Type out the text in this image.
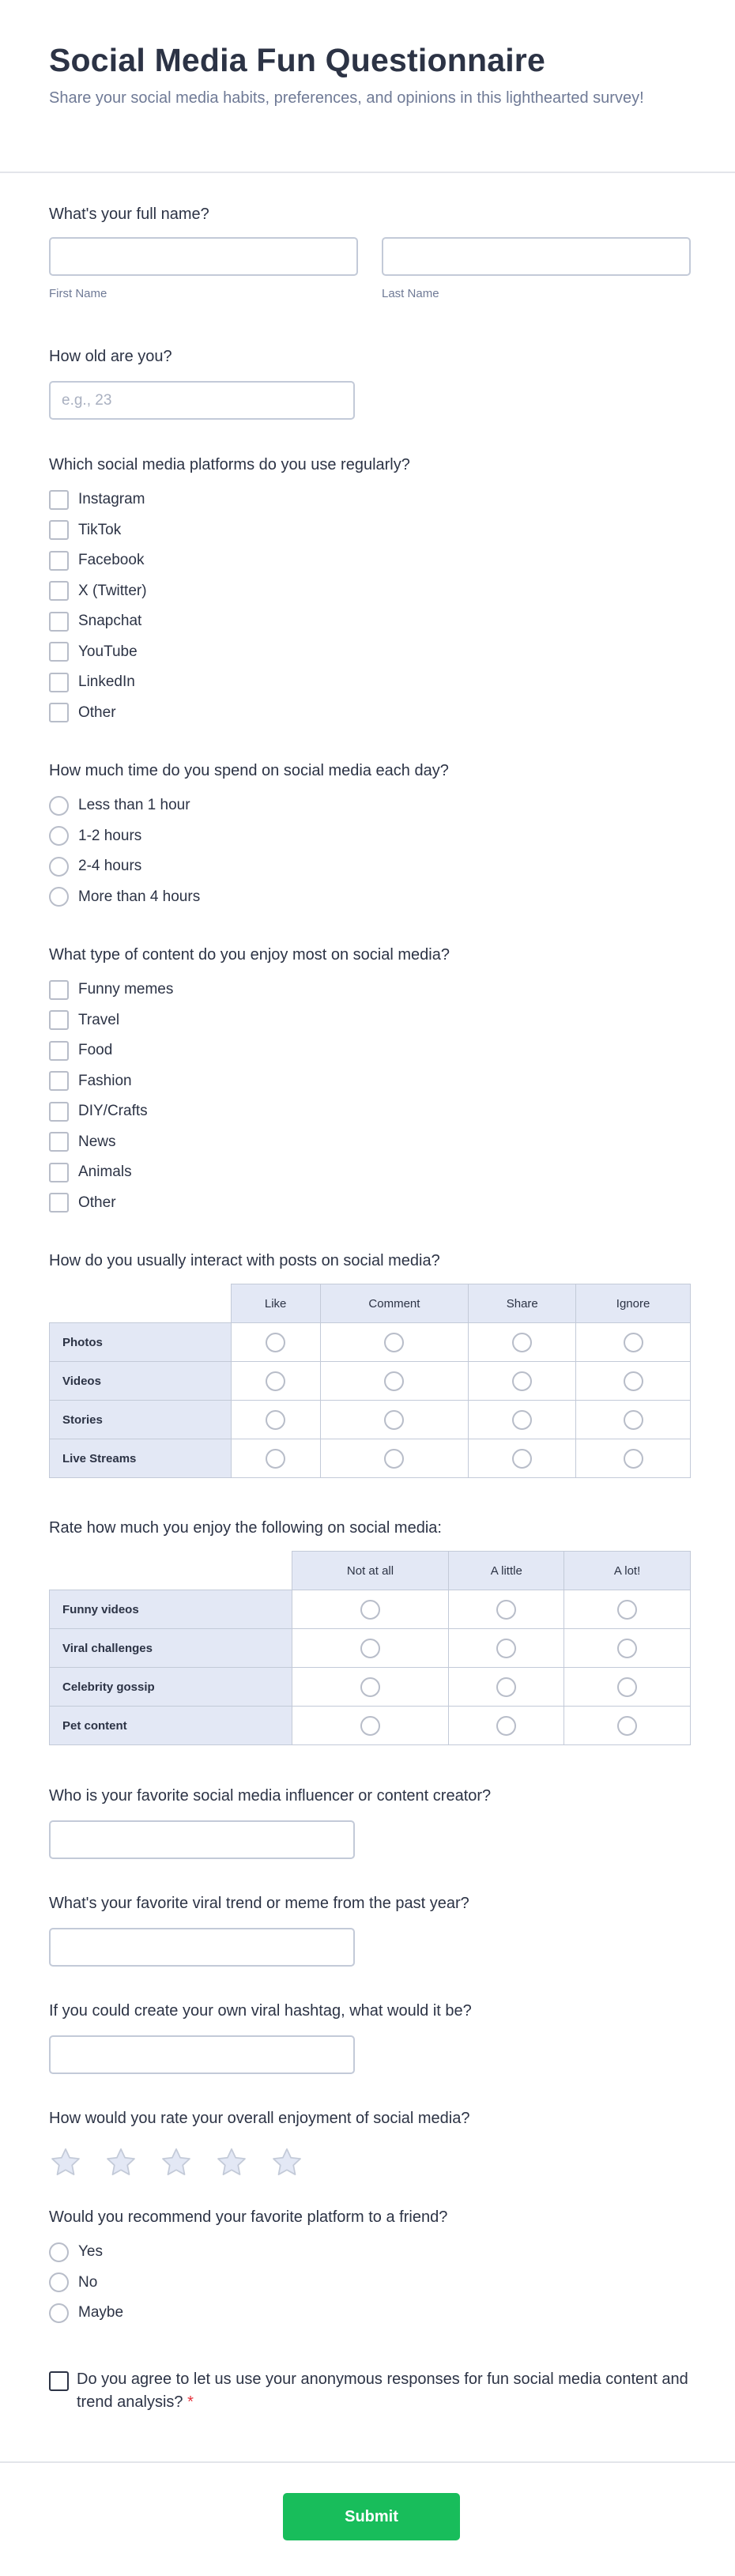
Social Media Fun Questionnaire

Share your social media habits, preferences, and opinions in this lighthearted survey!

What's your full name?
First Name	Last Name
How old are you?
e.g., 23
Which social media platforms do you use regularly?
Instagram
TikTok
Facebook
X (Twitter)
Snapchat
YouTube
LinkedIn
Other
How much time do you spend on social media each day?
Less than 1 hour
1-2 hours
2-4 hours
More than 4 hours
What type of content do you enjoy most on social media?
Funny memes
Travel
Food
Fashion
DIY/Crafts
News
Animals
Other
How do you usually interact with posts on social media?
	Like	Comment	Share	Ignore
Photos				
Videos				
Stories				
Live Streams				
Rate how much you enjoy the following on social media:
	Not at all	A little	A lot!
Funny videos			
Viral challenges			
Celebrity gossip			
Pet content			
Who is your favorite social media influencer or content creator?
What's your favorite viral trend or meme from the past year?
If you could create your own viral hashtag, what would it be?
How would you rate your overall enjoyment of social media?
Would you recommend your favorite platform to a friend?
Yes
No
Maybe
Do you agree to let us use your anonymous responses for fun social media content and trend analysis? *
Submit
